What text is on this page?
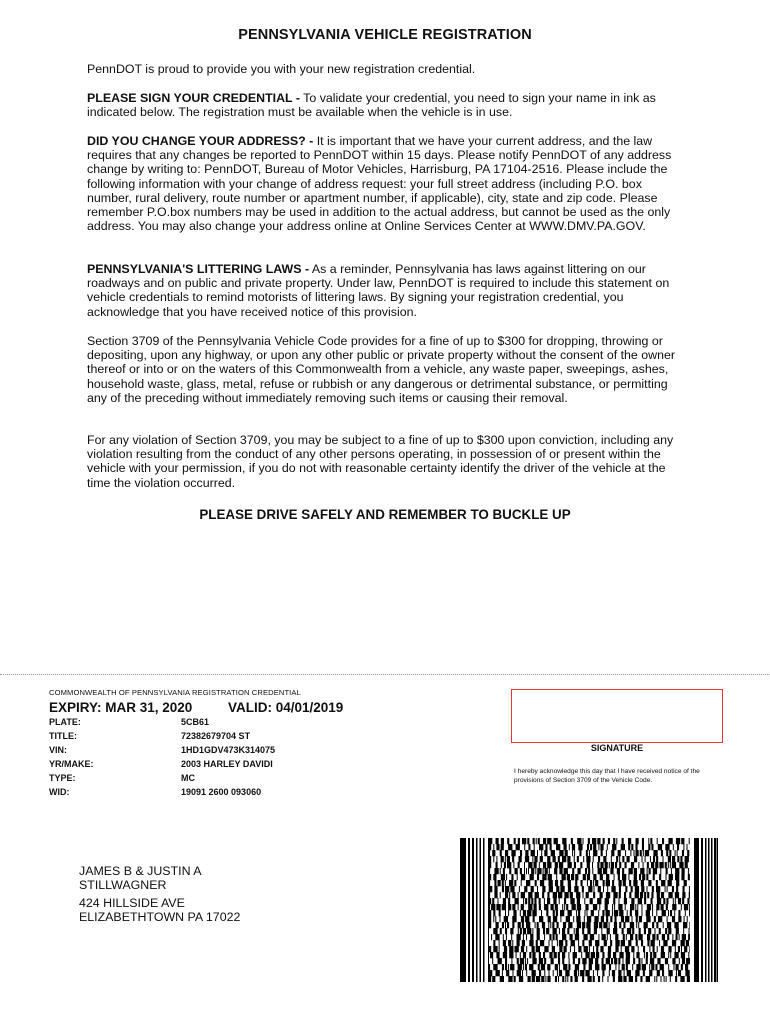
PENNSYLVANIA VEHICLE REGISTRATION
PennDOT is proud to provide you with your new registration credential.
PLEASE SIGN YOUR CREDENTIAL - To validate your credential, you need to sign your name in ink as indicated below. The registration must be available when the vehicle is in use.
DID YOU CHANGE YOUR ADDRESS? - It is important that we have your current address, and the law requires that any changes be reported to PennDOT within 15 days. Please notify PennDOT of any address change by writing to: PennDOT, Bureau of Motor Vehicles, Harrisburg, PA 17104-2516. Please include the following information with your change of address request: your full street address (including P.O. box number, rural delivery, route number or apartment number, if applicable), city, state and zip code. Please remember P.O.box numbers may be used in addition to the actual address, but cannot be used as the only address. You may also change your address online at Online Services Center at WWW.DMV.PA.GOV.
PENNSYLVANIA'S LITTERING LAWS - As a reminder, Pennsylvania has laws against littering on our roadways and on public and private property. Under law, PennDOT is required to include this statement on vehicle credentials to remind motorists of littering laws. By signing your registration credential, you acknowledge that you have received notice of this provision.
Section 3709 of the Pennsylvania Vehicle Code provides for a fine of up to $300 for dropping, throwing or depositing, upon any highway, or upon any other public or private property without the consent of the owner thereof or into or on the waters of this Commonwealth from a vehicle, any waste paper, sweepings, ashes, household waste, glass, metal, refuse or rubbish or any dangerous or detrimental substance, or permitting any of the preceding without immediately removing such items or causing their removal.
For any violation of Section 3709, you may be subject to a fine of up to $300 upon conviction, including any violation resulting from the conduct of any other persons operating, in possession of or present within the vehicle with your permission, if you do not with reasonable certainty identify the driver of the vehicle at the time the violation occurred.
PLEASE DRIVE SAFELY AND REMEMBER TO BUCKLE UP
COMMONWEALTH OF PENNSYLVANIA REGISTRATION CREDENTIAL
EXPIRY: MAR 31, 2020	VALID: 04/01/2019
PLATE:	5CB61
TITLE:	72382679704 ST
VIN:	1HD1GDV473K314075
YR/MAKE:	2003 HARLEY DAVIDI
TYPE:	MC
WID:	19091 2600 093060
SIGNATURE
I hereby acknowledge this day that I have received notice of the provisions of Section 3709 of the Vehicle Code.
JAMES B & JUSTIN A
STILLWAGNER
424 HILLSIDE AVE
ELIZABETHTOWN PA 17022
